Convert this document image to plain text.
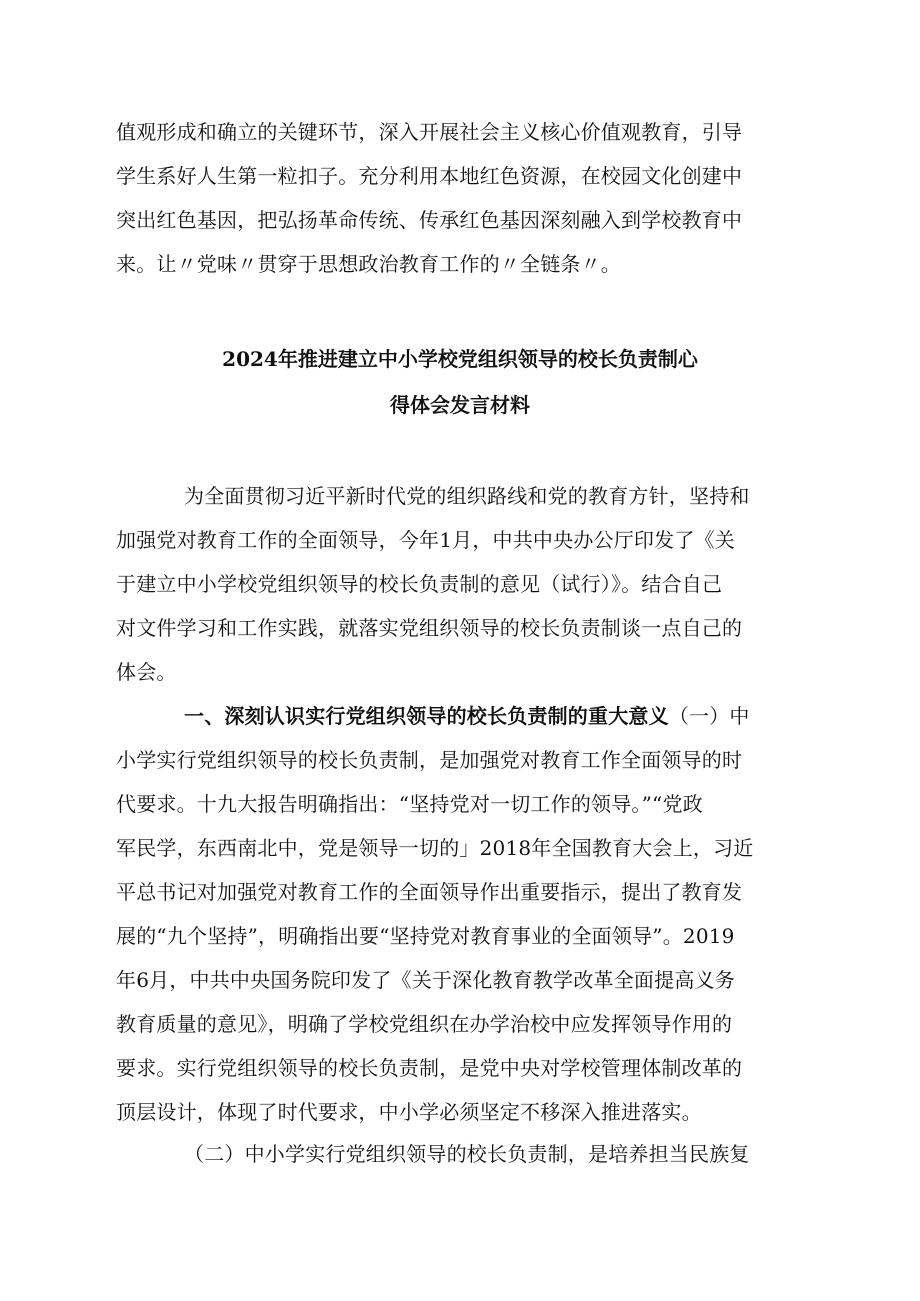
值观形成和确立的关键环节，深入开展社会主义核心价值观教育，引导

学生系好人生第一粒扣子。充分利用本地红色资源，在校园文化创建中

突出红色基因，把弘扬革命传统、传承红色基因深刻融入到学校教育中

来。让〃党味〃贯穿于思想政治教育工作的〃全链条〃。

2024年推进建立中小学校党组织领导的校长负责制心
得体会发言材料

为全面贯彻习近平新时代党的组织路线和党的教育方针，坚持和

加强党对教育工作的全面领导，今年1月，中共中央办公厅印发了《关

于建立中小学校党组织领导的校长负责制的意见（试行）》。结合自己

对文件学习和工作实践，就落实党组织领导的校长负责制谈一点自己的

体会。

一、深刻认识实行党组织领导的校长负责制的重大意义（一）中

小学实行党组织领导的校长负责制，是加强党对教育工作全面领导的时

代要求。十九大报告明确指出：“坚持党对一切工作的领导。”“党政

军民学，东西南北中，党是领导一切的」2018年全国教育大会上，习近

平总书记对加强党对教育工作的全面领导作出重要指示，提出了教育发

展的“九个坚持”，明确指出要“坚持党对教育事业的全面领导”。2019

年6月，中共中央国务院印发了《关于深化教育教学改革全面提高义务

教育质量的意见》，明确了学校党组织在办学治校中应发挥领导作用的

要求。实行党组织领导的校长负责制，是党中央对学校管理体制改革的

顶层设计，体现了时代要求，中小学必须坚定不移深入推进落实。

（二）中小学实行党组织领导的校长负责制，是培养担当民族复
